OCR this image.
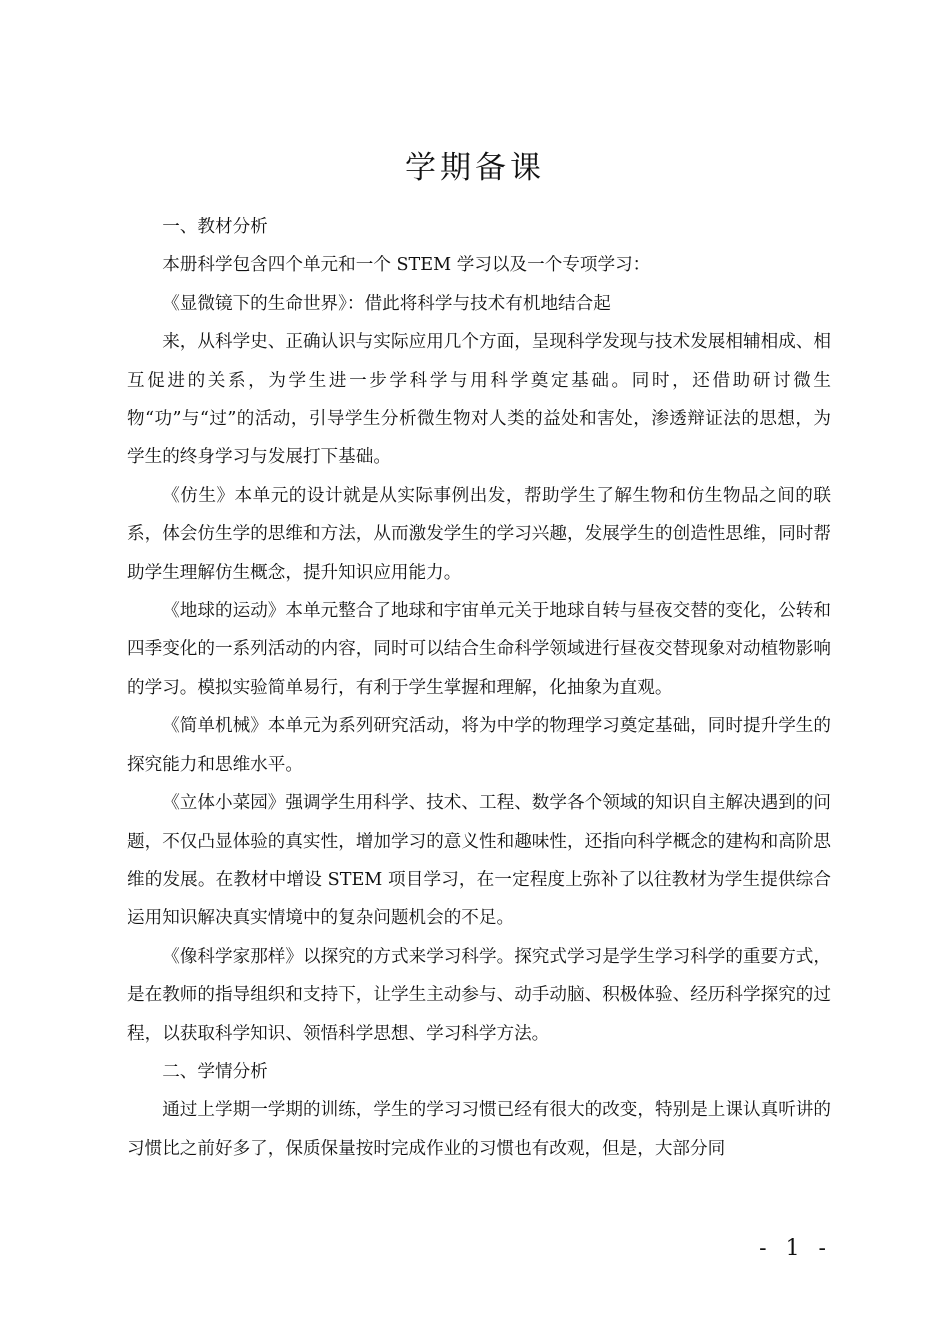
学期备课

一、教材分析

本册科学包含四个单元和一个 STEM 学习以及一个专项学习：

《显微镜下的生命世界》：借此将科学与技术有机地结合起

来，从科学史、正确认识与实际应用几个方面，呈现科学发现与技术发展相辅相成、相互促进的关系，为学生进一步学科学与用科学奠定基础。同时，还借助研讨微生物“功”与“过”的活动，引导学生分析微生物对人类的益处和害处，渗透辩证法的思想，为学生的终身学习与发展打下基础。

《仿生》本单元的设计就是从实际事例出发，帮助学生了解生物和仿生物品之间的联系，体会仿生学的思维和方法，从而激发学生的学习兴趣，发展学生的创造性思维，同时帮助学生理解仿生概念，提升知识应用能力。

《地球的运动》本单元整合了地球和宇宙单元关于地球自转与昼夜交替的变化，公转和四季变化的一系列活动的内容，同时可以结合生命科学领域进行昼夜交替现象对动植物影响的学习。模拟实验简单易行，有利于学生掌握和理解，化抽象为直观。

《简单机械》本单元为系列研究活动，将为中学的物理学习奠定基础，同时提升学生的探究能力和思维水平。

《立体小菜园》强调学生用科学、技术、工程、数学各个领域的知识自主解决遇到的问题，不仅凸显体验的真实性，增加学习的意义性和趣味性，还指向科学概念的建构和高阶思维的发展。在教材中增设 STEM 项目学习，在一定程度上弥补了以往教材为学生提供综合运用知识解决真实情境中的复杂问题机会的不足。

《像科学家那样》以探究的方式来学习科学。探究式学习是学生学习科学的重要方式，是在教师的指导组织和支持下，让学生主动参与、动手动脑、积极体验、经历科学探究的过程，以获取科学知识、领悟科学思想、学习科学方法。

二、学情分析

通过上学期一学期的训练，学生的学习习惯已经有很大的改变，特别是上课认真听讲的习惯比之前好多了，保质保量按时完成作业的习惯也有改观，但是，大部分同

- 1 -
